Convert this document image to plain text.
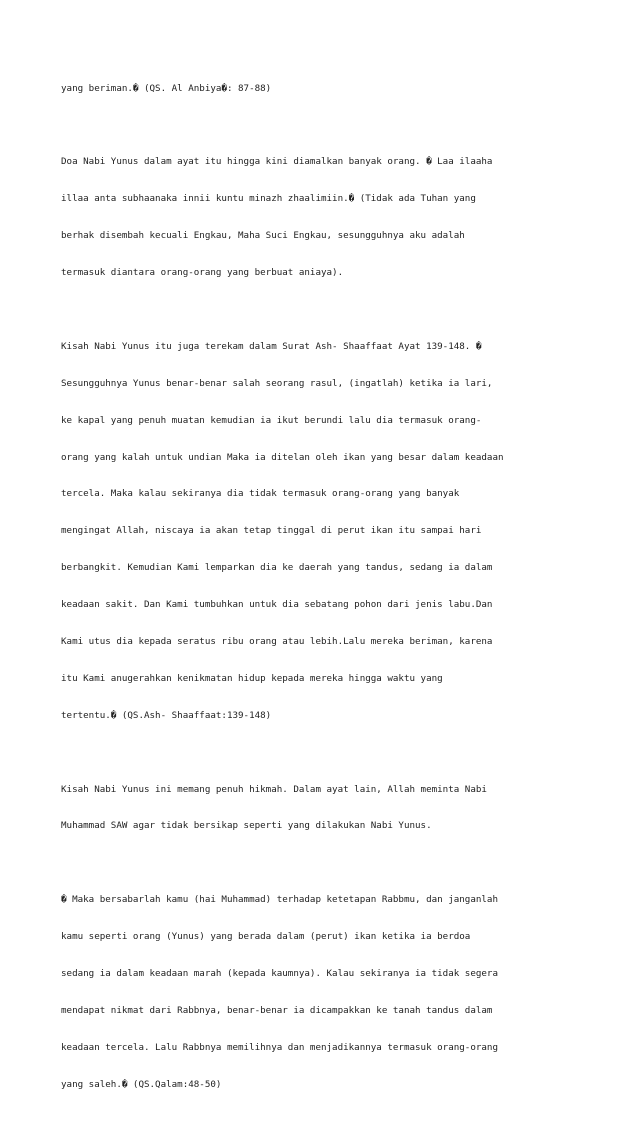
yang beriman.� (QS. Al Anbiya�: 87-88)

Doa Nabi Yunus dalam ayat itu hingga kini diamalkan banyak orang. � Laa ilaaha

illaa anta subhaanaka innii kuntu minazh zhaalimiin.� (Tidak ada Tuhan yang

berhak disembah kecuali Engkau, Maha Suci Engkau, sesungguhnya aku adalah

termasuk diantara orang-orang yang berbuat aniaya).

Kisah Nabi Yunus itu juga terekam dalam Surat Ash- Shaaffaat Ayat 139-148. �

Sesungguhnya Yunus benar-benar salah seorang rasul, (ingatlah) ketika ia lari,

ke kapal yang penuh muatan kemudian ia ikut berundi lalu dia termasuk orang-

orang yang kalah untuk undian Maka ia ditelan oleh ikan yang besar dalam keadaan

tercela. Maka kalau sekiranya dia tidak termasuk orang-orang yang banyak

mengingat Allah, niscaya ia akan tetap tinggal di perut ikan itu sampai hari

berbangkit. Kemudian Kami lemparkan dia ke daerah yang tandus, sedang ia dalam

keadaan sakit. Dan Kami tumbuhkan untuk dia sebatang pohon dari jenis labu.Dan

Kami utus dia kepada seratus ribu orang atau lebih.Lalu mereka beriman, karena

itu Kami anugerahkan kenikmatan hidup kepada mereka hingga waktu yang

tertentu.� (QS.Ash- Shaaffaat:139-148)

Kisah Nabi Yunus ini memang penuh hikmah. Dalam ayat lain, Allah meminta Nabi

Muhammad SAW agar tidak bersikap seperti yang dilakukan Nabi Yunus.

� Maka bersabarlah kamu (hai Muhammad) terhadap ketetapan Rabbmu, dan janganlah

kamu seperti orang (Yunus) yang berada dalam (perut) ikan ketika ia berdoa

sedang ia dalam keadaan marah (kepada kaumnya). Kalau sekiranya ia tidak segera

mendapat nikmat dari Rabbnya, benar-benar ia dicampakkan ke tanah tandus dalam

keadaan tercela. Lalu Rabbnya memilihnya dan menjadikannya termasuk orang-orang

yang saleh.� (QS.Qalam:48-50)
